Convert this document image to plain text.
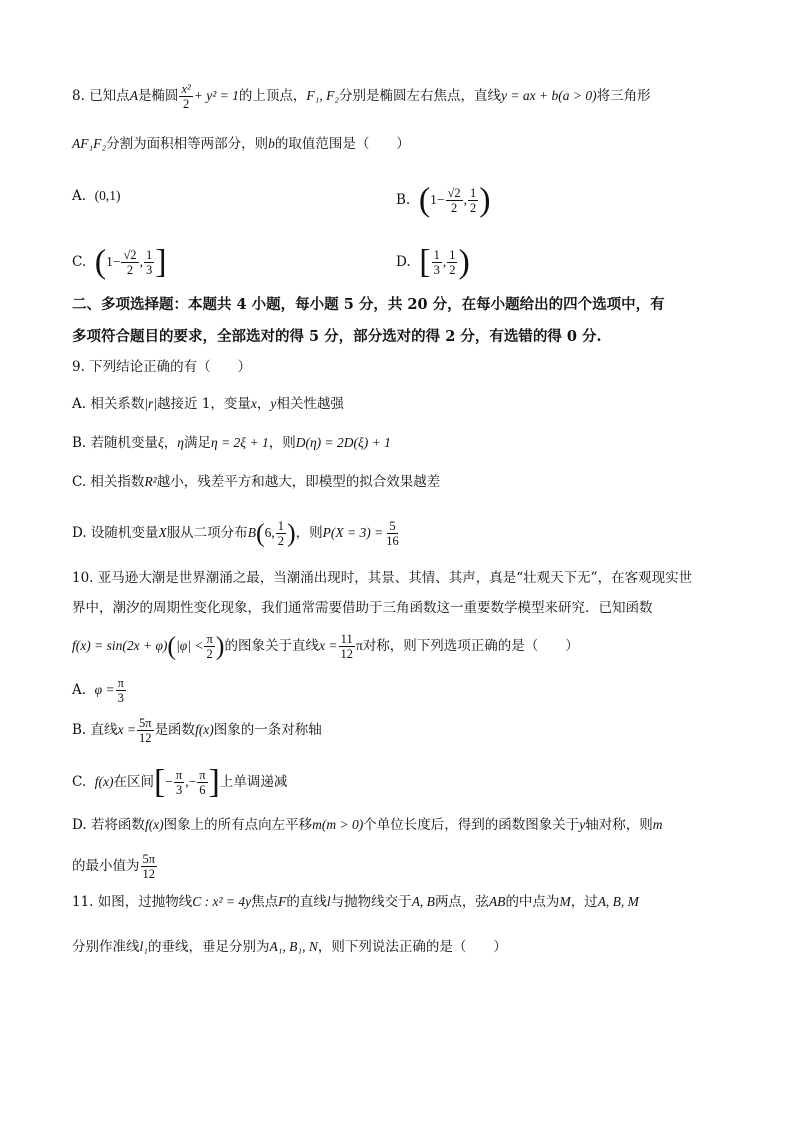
8. 已知点A是椭圆 $\frac{\text{x²}}{2} + y^2 = 1$的上顶点，F₁, F₂分别是椭圆左右焦点，直线y = ax + b(a > 0)将三角形
AF₁F₂分割为面积相等两部分，则b的取值范围是（　　）
A. (0,1)	B. ($1- \frac{√2}{2}$ , $\frac{1}{2}$ )
C. ($1- \frac{√2}{2}$ , $\frac{1}{3}$ ]	D. [ $\frac{1}{3}$ , $\frac{1}{2}$ )
二、多项选择题：本题共 4 小题，每小题 5 分，共 20 分，在每小题给出的四个选项中，有
多项符合题目的要求，全部选对的得 5 分，部分选对的得 2 分，有选错的得 0 分.
9. 下列结论正确的有（　　）
A. 相关系数|r|越接近 1，变量x，y相关性越强
B. 若随机变量ξ，η满足η = 2ξ + 1，则D(η) = 2D(ξ) + 1
C. 相关指数R²越小，残差平方和越大，即模型的拟合效果越差
D. 设随机变量X服从二项分布B(6, $\frac{1}{2}$ )，则$P(X = 3) = \frac{5}{16}$
10. 亚马逊大潮是世界潮涌之最，当潮涌出现时，其景、其情、其声，真是“壮观天下无”，在客观现实世
界中，潮汐的周期性变化现象，我们通常需要借助于三角函数这一重要数学模型来研究．已知函数
$f(x) = \sin(2x + \varphi)(|\varphi| < \frac{\pi}{2}$ )的图象关于直线$x = \frac{11}{12}$ π对称，则下列选项正确的是（　　）
A. $\varphi = \frac{\pi}{3}$
B. 直线$x = \frac{5\pi}{12}$ 是函数f(x)图象的一条对称轴
C. f(x)在区间[− $\frac{\pi}{3}$ ,− $\frac{\pi}{6}$ ]上单调递减
D. 若将函数f(x)图象上的所有点向左平移m(m > 0)个单位长度后，得到的函数图象关于y轴对称，则m
的最小值为 $\frac{5\pi}{12}$
11. 如图，过抛物线C : x² = 4y焦点F的直线l与抛物线交于A, B两点，弦AB的中点为M，过A, B, M
分别作准线l₁的垂线，垂足分别为A₁, B₁, N，则下列说法正确的是（　　）
